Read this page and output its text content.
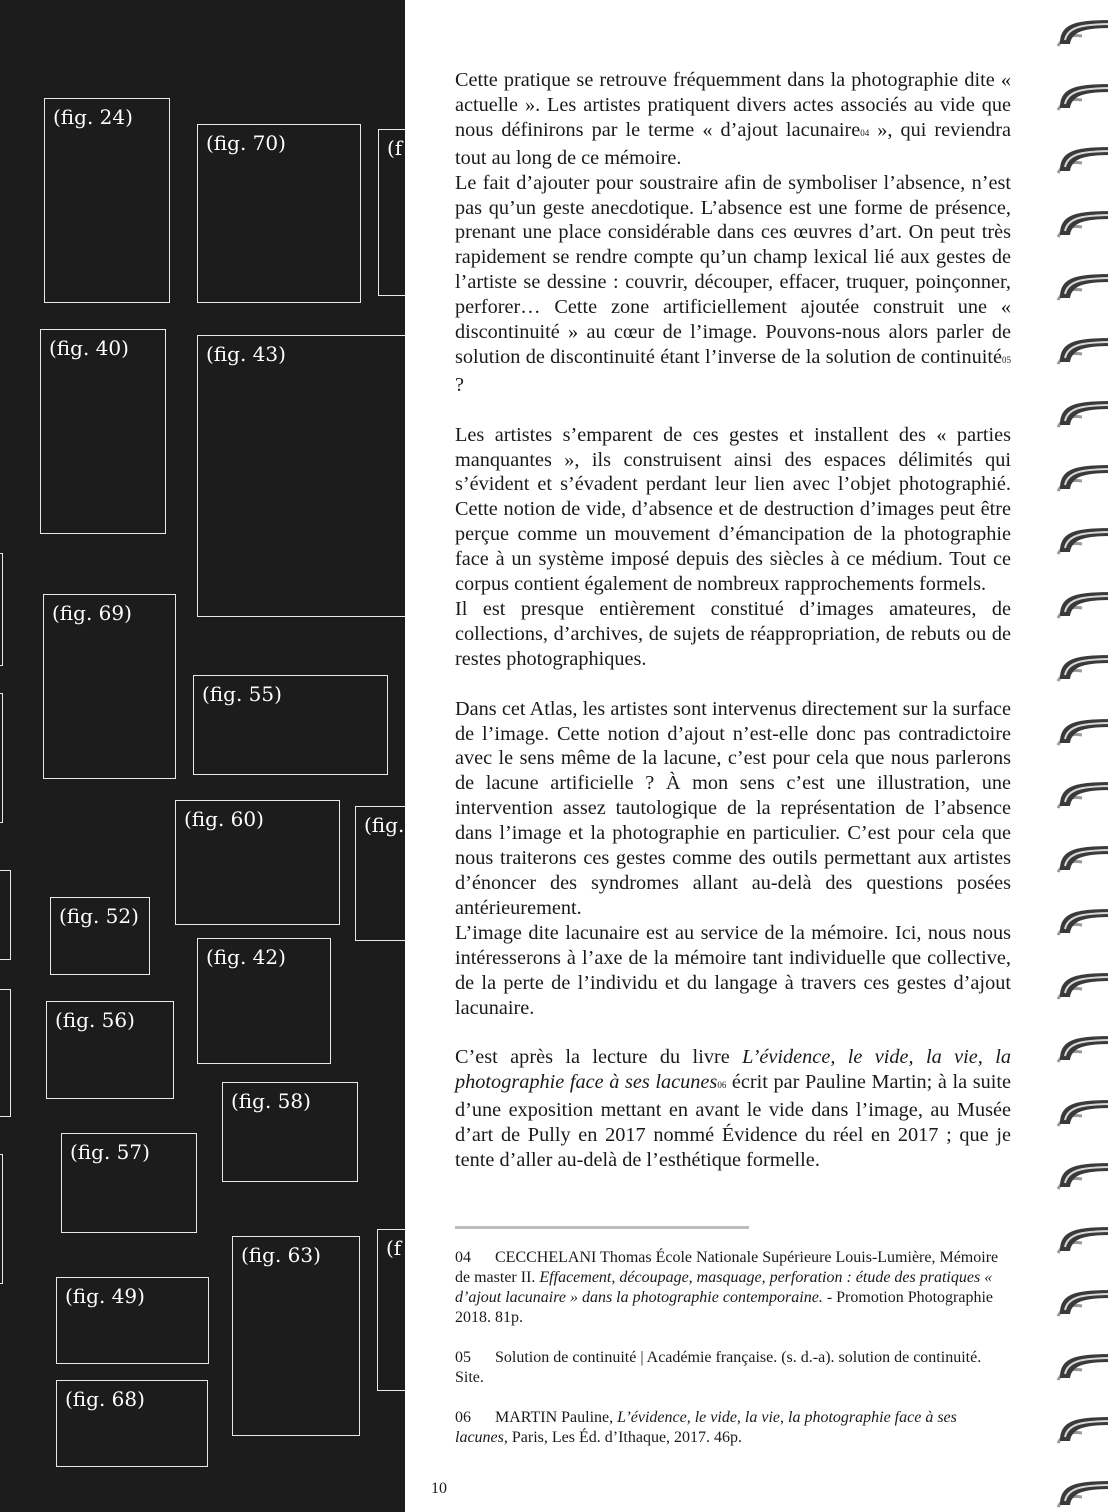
(fig. 24)
(fig. 70)	(f
(fig. 40)	(fig. 43)
(fig. 69)
(fig. 55)
(fig. 60)	(fig.
(fig. 52)
(fig. 42)
(fig. 56)
(fig. 58)
(fig. 57)
(fig. 63)	(f
(fig. 49)
(fig. 68)

Cette pratique se retrouve fréquemment dans la photographie dite « actuelle ». Les artistes pratiquent divers actes associés au vide que nous définirons par le terme « d’ajout lacunaire04 », qui reviendra tout au long de ce mémoire.

Le fait d’ajouter pour soustraire afin de symboliser l’absence, n’est pas qu’un geste anecdotique. L’absence est une forme de présence, prenant une place considérable dans ces œuvres d’art. On peut très rapidement se rendre compte qu’un champ lexical lié aux gestes de l’artiste se dessine : couvrir, découper, effacer, truquer, poinçonner, perforer… Cette zone artificiellement ajoutée construit une « discontinuité » au cœur de l’image. Pouvons-nous alors parler de solution de discontinuité étant l’inverse de la solution de continuité05 ?

Les artistes s’emparent de ces gestes et installent des « parties manquantes », ils construisent ainsi des espaces délimités qui s’évident et s’évadent perdant leur lien avec l’objet photographié. Cette notion de vide, d’absence et de destruction d’images peut être perçue comme un mouvement d’émancipation de la photographie face à un système imposé depuis des siècles à ce médium. Tout ce corpus contient également de nombreux rapprochements formels.

Il est presque entièrement constitué d’images amateures, de collections, d’archives, de sujets de réappropriation, de rebuts ou de restes photographiques.

Dans cet Atlas, les artistes sont intervenus directement sur la surface de l’image. Cette notion d’ajout n’est-elle donc pas contradictoire avec le sens même de la lacune, c’est pour cela que nous parlerons de lacune artificielle ? À mon sens c’est une illustration, une intervention assez tautologique de la représentation de l’absence dans l’image et la photographie en particulier. C’est pour cela que nous traiterons ces gestes comme des outils permettant aux artistes d’énoncer des syndromes allant au-delà des questions posées antérieurement.

L’image dite lacunaire est au service de la mémoire. Ici, nous nous intéresserons à l’axe de la mémoire tant individuelle que collective, de la perte de l’individu et du langage à travers ces gestes d’ajout lacunaire.

C’est après la lecture du livre L’évidence, le vide, la vie, la photographie face à ses lacunes06 écrit par Pauline Martin; à la suite d’une exposition mettant en avant le vide dans l’image, au Musée d’art de Pully en 2017 nommé Évidence du réel en 2017 ; que je tente d’aller au-delà de l’esthétique formelle.

04 CECCHELANI Thomas École Nationale Supérieure Louis-Lumière, Mémoire de master II. Effacement, découpage, masquage, perforation : étude des pratiques « d’ajout lacunaire » dans la photographie contemporaine. - Promotion Photographie 2018. 81p.

05 Solution de continuité | Académie française. (s. d.-a). solution de continuité. Site.

06 MARTIN Pauline, L’évidence, le vide, la vie, la photographie face à ses lacunes, Paris, Les Éd. d’Ithaque, 2017. 46p.

10
